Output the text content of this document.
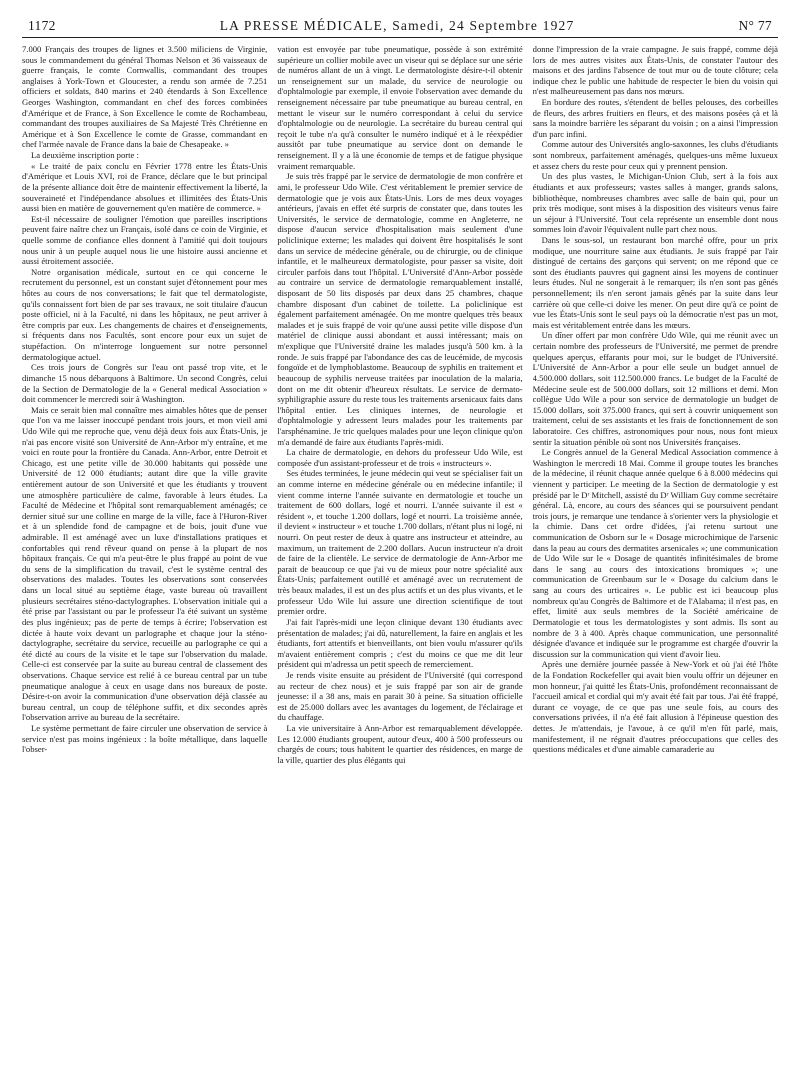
1172	LA PRESSE MÉDICALE, Samedi, 24 Septembre 1927	N° 77

7.000 Français des troupes de lignes et 3.500 miliciens de Virginie, sous le commandement du général Thomas Nelson et 36 vaisseaux de guerre français, le comte Cornwallis, commandant des troupes anglaises à York-Town et Gloucester, a rendu son armée de 7.251 officiers et soldats, 840 marins et 240 étendards à Son Excellence Georges Washington, commandant en chef des forces combinées d'Amérique et de France, à Son Excellence le comte de Rochambeau, commandant des troupes auxiliaires de Sa Majesté Très Chrétienne en Amérique et à Son Excellence le comte de Grasse, commandant en chef l'armée navale de France dans la baie de Chesapeake. »

La deuxième inscription porte :

« Le traité de paix conclu en Février 1778 entre les États-Unis d'Amérique et Louis XVI, roi de France, déclare que le but principal de la présente alliance doit être de maintenir effectivement la liberté, la souveraineté et l'indépendance absolues et illimitées des États-Unis aussi bien en matière de gouvernement qu'en matière de commerce. »

Est-il nécessaire de souligner l'émotion que pareilles inscriptions peuvent faire naître chez un Français, isolé dans ce coin de Virginie, et quelle somme de confiance elles donnent à l'amitié qui doit toujours nous unir à un peuple auquel nous lie une histoire aussi ancienne et aussi étroitement associée.

Notre organisation médicale, surtout en ce qui concerne le recrutement du personnel, est un constant sujet d'étonnement pour mes hôtes au cours de nos conversations; le fait que tel dermatologiste, qu'ils connaissent fort bien de par ses travaux, ne soit titulaire d'aucun poste officiel, ni à la Faculté, ni dans les hôpitaux, ne peut arriver à être compris par eux. Les changements de chaires et d'enseignements, si fréquents dans nos Facultés, sont encore pour eux un sujet de stupéfaction. On m'interroge longuement sur notre personnel dermatologique actuel.

Ces trois jours de Congrès sur l'eau ont passé trop vite, et le dimanche 15 nous débarquons à Baltimore. Un second Congrès, celui de la Section de Dermatologie de la « General medical Association » doit commencer le mercredi soir à Washington.

Mais ce serait bien mal connaître mes aimables hôtes que de penser que l'on va me laisser inoccupé pendant trois jours, et mon vieil ami Udo Wile qui me reproche que, venu déjà deux fois aux États-Unis, je n'ai pas encore visité son Université de Ann-Arbor m'y entraîne, et me voici en route pour la frontière du Canada. Ann-Arbor, entre Detroit et Chicago, est une petite ville de 30.000 habitants qui possède une Université de 12 000 étudiants; autant dire que la ville gravite entièrement autour de son Université et que les étudiants y trouvent une atmosphère particulière de calme, favorable à leurs études. La Faculté de Médecine et l'hôpital sont remarquablement aménagés; ce dernier situé sur une colline en marge de la ville, face à l'Huron-River et à un splendide fond de campagne et de bois, jouit d'une vue admirable. Il est aménagé avec un luxe d'installations pratiques et confortables qui rend rêveur quand on pense à la plupart de nos hôpitaux français. Ce qui m'a peut-être le plus frappé au point de vue du sens de la simplification du travail, c'est le système central des observations des malades. Toutes les observations sont conservées dans un local situé au septième étage, vaste bureau où travaillent plusieurs secrétaires sténo-dactylographes. L'observation initiale qui a été prise par l'assistant ou par le professeur l'a été suivant un système des plus ingénieux; pas de perte de temps à écrire; l'observation est dictée à haute voix devant un parlographe et chaque jour la sténo-dactylographe, secrétaire du service, recueille au parlographe ce qui a été dicté au cours de la visite et le tape sur l'observation du malade. Celle-ci est conservée par la suite au bureau central de classement des observations. Chaque service est relié à ce bureau central par un tube pneumatique analogue à ceux en usage dans nos bureaux de poste. Désire-t-on avoir la communication d'une observation déjà classée au bureau central, un coup de téléphone suffit, et dix secondes après l'observation arrive au bureau de la secrétaire.

Le système permettant de faire circuler une observation de service à service n'est pas moins ingénieux : la boîte métallique, dans laquelle l'obser-

vation est envoyée par tube pneumatique, possède à son extrémité supérieure un collier mobile avec un viseur qui se déplace sur une série de numéros allant de un à vingt. Le dermatologiste désire-t-il obtenir un renseignement sur un malade, du service de neurologie ou d'ophtalmologie par exemple, il envoie l'observation avec demande du renseignement nécessaire par tube pneumatique au bureau central, en mettant le viseur sur le numéro correspondant à celui du service d'ophtalmologie ou de neurologie. La secrétaire du bureau central qui reçoit le tube n'a qu'à consulter le numéro indiqué et à le réexpédier aussitôt par tube pneumatique au service dont on demande le renseignement. Il y a là une économie de temps et de fatigue physique vraiment remarquable.

Je suis très frappé par le service de dermatologie de mon confrère et ami, le professeur Udo Wile. C'est véritablement le premier service de dermatologie que je vois aux États-Unis. Lors de mes deux voyages antérieurs, j'avais en effet été surpris de constater que, dans toutes les Universités, le service de dermatologie, comme en Angleterre, ne dispose d'aucun service d'hospitalisation mais seulement d'une policlinique externe; les malades qui doivent être hospitalisés le sont dans un service de médecine générale, ou de chirurgie, ou de clinique infantile, et le malheureux dermatologiste, pour passer sa visite, doit circuler parfois dans tout l'hôpital. L'Université d'Ann-Arbor possède au contraire un service de dermatologie remarquablement installé, disposant de 50 lits disposés par deux dans 25 chambres, chaque chambre disposant d'un cabinet de toilette. La policlinique est également parfaitement aménagée. On me montre quelques très beaux malades et je suis frappé de voir qu'une aussi petite ville dispose d'un matériel de clinique aussi abondant et aussi intéressant; mais on m'explique que l'Université draine les malades jusqu'à 500 km. à la ronde. Je suis frappé par l'abondance des cas de leucémide, de mycosis fongoïde et de lymphoblastome. Beaucoup de syphilis en traitement et beaucoup de syphilis nerveuse traitées par inoculation de la malaria, dont on me dit obtenir d'heureux résultats. Le service de dermato-syphiligraphie assure du reste tous les traitements arsenicaux faits dans l'hôpital entier. Les cliniques internes, de neurologie et d'ophtalmologie y adressent leurs malades pour les traitements par l'arsphénamine. Je tric quelques malades pour une leçon clinique qu'on m'a demandé de faire aux étudiants l'après-midi.

La chaire de dermatologie, en dehors du professeur Udo Wile, est composée d'un assistant-professeur et de trois « instructeurs ».

Ses études terminées, le jeune médecin qui veut se spécialiser fait un an comme interne en médecine générale ou en médecine infantile; il vient comme interne l'année suivante en dermatologie et touche un traitement de 600 dollars, logé et nourri. L'année suivante il est « résident », et touche 1.200 dollars, logé et nourri. La troisième année, il devient « instructeur » et touche 1.700 dollars, n'étant plus ni logé, ni nourri. On peut rester de deux à quatre ans instructeur et atteindre, au maximum, un traitement de 2.200 dollars. Aucun instructeur n'a droit de faire de la clientèle. Le service de dermatologie de Ann-Arbor me parait de beaucoup ce que j'ai vu de mieux pour notre spécialité aux États-Unis; parfaitement outillé et aménagé avec un recrutement de très beaux malades, il est un des plus actifs et un des plus vivants, et le professeur Udo Wile lui assure une direction scientifique de tout premier ordre.

J'ai fait l'après-midi une leçon clinique devant 130 étudiants avec présentation de malades; j'ai dû, naturellement, la faire en anglais et les étudiants, fort attentifs et bienveillants, ont bien voulu m'assurer qu'ils m'avaient entièrement compris ; c'est du moins ce que me dit leur président qui m'adressa un petit speech de remerciement.

Je rends visite ensuite au président de l'Université (qui correspond au recteur de chez nous) et je suis frappé par son air de grande jeunesse: il a 38 ans, mais en parait 30 à peine. Sa situation officielle est de 25.000 dollars avec les avantages du logement, de l'éclairage et du chauffage.

La vie universitaire à Ann-Arbor est remarquablement développée. Les 12.000 étudiants groupent, autour d'eux, 400 à 500 professeurs ou chargés de cours; tous habitent le quartier des résidences, en marge de la ville, quartier des plus élégants qui

donne l'impression de la vraie campagne. Je suis frappé, comme déjà lors de mes autres visites aux États-Unis, de constater l'autour des maisons et des jardins l'absence de tout mur ou de toute clôture; cela indique chez le public une habitude de respecter le bien du voisin qui n'est malheureusement pas dans nos mœurs.

En bordure des routes, s'étendent de belles pelouses, des corbeilles de fleurs, des arbres fruitiers en fleurs, et des maisons posées çà et là sans la moindre barrière les séparant du voisin ; on a ainsi l'impression d'un parc infini.

Comme autour des Universités anglo-saxonnes, les clubs d'étudiants sont nombreux, parfaitement aménagés, quelques-uns même luxueux et assez chers du reste pour ceux qui y prennent pension.

Un des plus vastes, le Michigan-Union Club, sert à la fois aux étudiants et aux professeurs; vastes salles à manger, grands salons, bibliothèque, nombreuses chambres avec salle de bain qui, pour un prix très modique, sont mises à la disposition des visiteurs venus faire un séjour à l'Université. Tout cela représente un ensemble dont nous sommes loin d'avoir l'équivalent nulle part chez nous.

Dans le sous-sol, un restaurant bon marché offre, pour un prix modique, une nourriture saine aux étudiants. Je suis frappé par l'air distingué de certains des garçons qui servent; on me répond que ce sont des étudiants pauvres qui gagnent ainsi les moyens de continuer leurs études. Nul ne songerait à le remarquer; ils n'en sont pas gênés personnellement; ils n'en seront jamais gênés par la suite dans leur carrière où que celle-ci doive les mener. On peut dire qu'à ce point de vue les États-Unis sont le seul pays où la démocratie n'est pas un mot, mais est véritablement entrée dans les mœurs.

Un dîner offert par mon confrère Udo Wile, qui me réunit avec un certain nombre des professeurs de l'Université, me permet de prendre quelques aperçus, effarants pour moi, sur le budget de l'Université. L'Université de Ann-Arbor a pour elle seule un budget annuel de 4.500.000 dollars, soit 112.500.000 francs. Le budget de la Faculté de Médecine seule est de 500.000 dollars, soit 12 millions et demi. Mon collègue Udo Wile a pour son service de dermatologie un budget de 15.000 dollars, soit 375.000 francs, qui sert à couvrir uniquement son traitement, celui de ses assistants et les frais de fonctionnement de son laboratoire. Ces chiffres, astronomiques pour nous, nous font mieux sentir la situation pénible où sont nos Universités françaises.

Le Congrès annuel de la General Medical Association commence à Washington le mercredi 18 Mai. Comme il groupe toutes les branches de la médecine, il réunit chaque année quelque 6 à 8.000 médecins qui viennent y participer. Le meeting de la Section de dermatologie y est présidé par le Dʳ Mitchell, assisté du Dʳ William Guy comme secrétaire général. Là, encore, au cours des séances qui se poursuivent pendant trois jours, je remarque une tendance à s'orienter vers la physiologie et la chimie. Dans cet ordre d'idées, j'ai retenu surtout une communication de Osborn sur le « Dosage microchimique de l'arsenic dans la peau au cours des dermatites arsenicales »; une communication de Udo Wile sur le « Dosage de quantités infinitésimales de brome dans le sang au cours des intoxications bromiques »; une communication de Greenbaum sur le « Dosage du calcium dans le sang au cours des urticaires ». Le public est ici beaucoup plus nombreux qu'au Congrès de Baltimore et de l'Alabama; il n'est pas, en effet, limité aux seuls membres de la Société américaine de Dermatologie et tous les dermatologistes y sont admis. Ils sont au nombre de 3 à 400. Après chaque communication, une personnalité désignée d'avance et indiquée sur le programme est chargée d'ouvrir la discussion sur la communication qui vient d'avoir lieu.

Après une dernière journée passée à New-York et où j'ai été l'hôte de la Fondation Rockefeller qui avait bien voulu offrir un déjeuner en mon honneur, j'ai quitté les États-Unis, profondément reconnaissant de l'accueil amical et cordial qui m'y avait été fait par tous. J'ai été frappé, durant ce voyage, de ce que pas une seule fois, au cours des conversations privées, il n'a été fait allusion à l'épineuse question des dettes. Je m'attendais, je l'avoue, à ce qu'il m'en fût parlé, mais, manifestement, il ne régnait d'autres préoccupations que celles des questions médicales et d'une aimable camaraderie au
